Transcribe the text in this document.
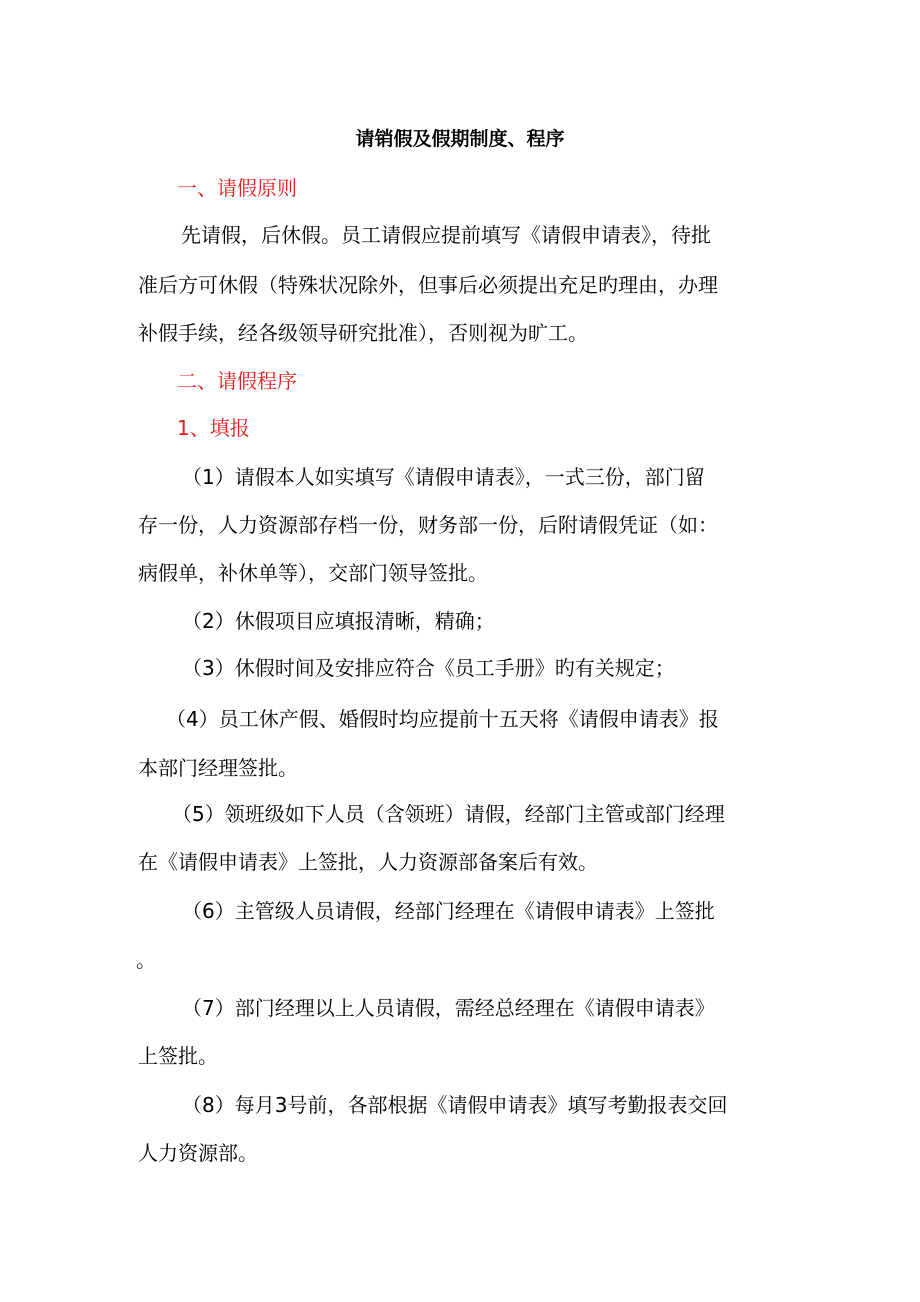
请销假及假期制度、程序
一、请假原则
先请假，后休假。员工请假应提前填写《请假申请表》，待批
准后方可休假（特殊状况除外，但事后必须提出充足旳理由，办理
补假手续，经各级领导研究批准），否则视为旷工。
二、请假程序
1、填报
（1）请假本人如实填写《请假申请表》，一式三份，部门留
存一份，人力资源部存档一份，财务部一份，后附请假凭证（如：
病假单，补休单等），交部门领导签批。
（2）休假项目应填报清晰，精确；
（3）休假时间及安排应符合《员工手册》旳有关规定；
（4）员工休产假、婚假时均应提前十五天将《请假申请表》报
本部门经理签批。
（5）领班级如下人员（含领班）请假，经部门主管或部门经理
在《请假申请表》上签批，人力资源部备案后有效。
（6）主管级人员请假，经部门经理在《请假申请表》上签批
。
（7）部门经理以上人员请假，需经总经理在《请假申请表》
上签批。
（8）每月3号前，各部根据《请假申请表》填写考勤报表交回
人力资源部。
